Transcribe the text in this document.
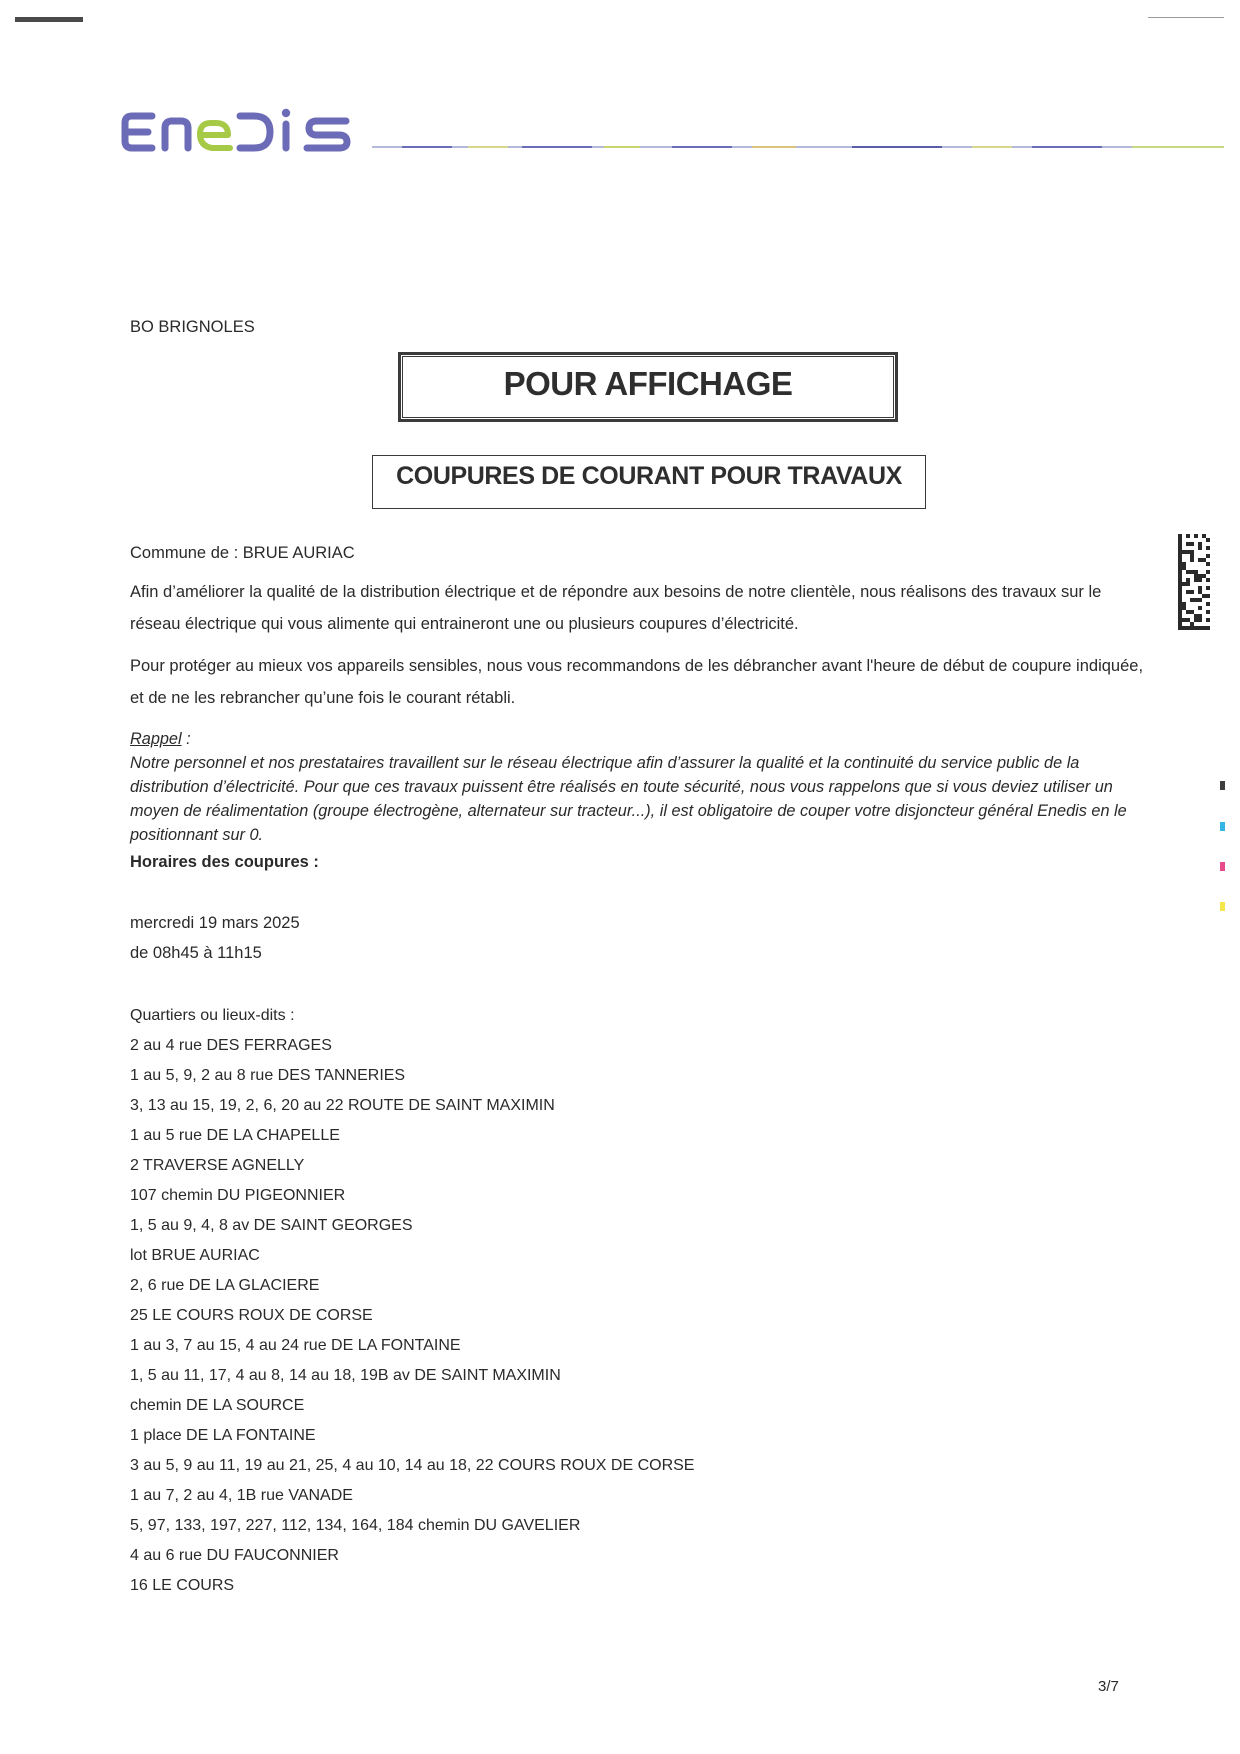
BO BRIGNOLES
POUR AFFICHAGE
COUPURES DE COURANT POUR TRAVAUX
Commune de : BRUE AURIAC
Afin d’améliorer la qualité de la distribution électrique et de répondre aux besoins de notre clientèle, nous réalisons des travaux sur le réseau électrique qui vous alimente qui entraineront une ou plusieurs coupures d’électricité.
Pour protéger au mieux vos appareils sensibles, nous vous recommandons de les débrancher avant l'heure de début de coupure indiquée, et de ne les rebrancher qu’une fois le courant rétabli.
Rappel :
Notre personnel et nos prestataires travaillent sur le réseau électrique afin d’assurer la qualité et la continuité du service public de la distribution d’électricité. Pour que ces travaux puissent être réalisés en toute sécurité, nous vous rappelons que si vous deviez utiliser un moyen de réalimentation (groupe électrogène, alternateur sur tracteur...), il est obligatoire de couper votre disjoncteur général Enedis en le positionnant sur 0.
Horaires des coupures :
mercredi 19 mars 2025
de 08h45 à 11h15
Quartiers ou lieux-dits :
2 au 4 rue DES FERRAGES
1 au 5, 9, 2 au 8 rue DES TANNERIES
3, 13 au 15, 19, 2, 6, 20 au 22 ROUTE DE SAINT MAXIMIN
1 au 5 rue DE LA CHAPELLE
2 TRAVERSE AGNELLY
107 chemin DU PIGEONNIER
1, 5 au 9, 4, 8 av DE SAINT GEORGES
lot BRUE AURIAC
2, 6 rue DE LA GLACIERE
25 LE COURS ROUX DE CORSE
1 au 3, 7 au 15, 4 au 24 rue DE LA FONTAINE
1, 5 au 11, 17, 4 au 8, 14 au 18, 19B av DE SAINT MAXIMIN
chemin DE LA SOURCE
1 place DE LA FONTAINE
3 au 5, 9 au 11, 19 au 21, 25, 4 au 10, 14 au 18, 22 COURS ROUX DE CORSE
1 au 7, 2 au 4, 1B rue VANADE
5, 97, 133, 197, 227, 112, 134, 164, 184 chemin DU GAVELIER
4 au 6 rue DU FAUCONNIER
16 LE COURS
3/7
